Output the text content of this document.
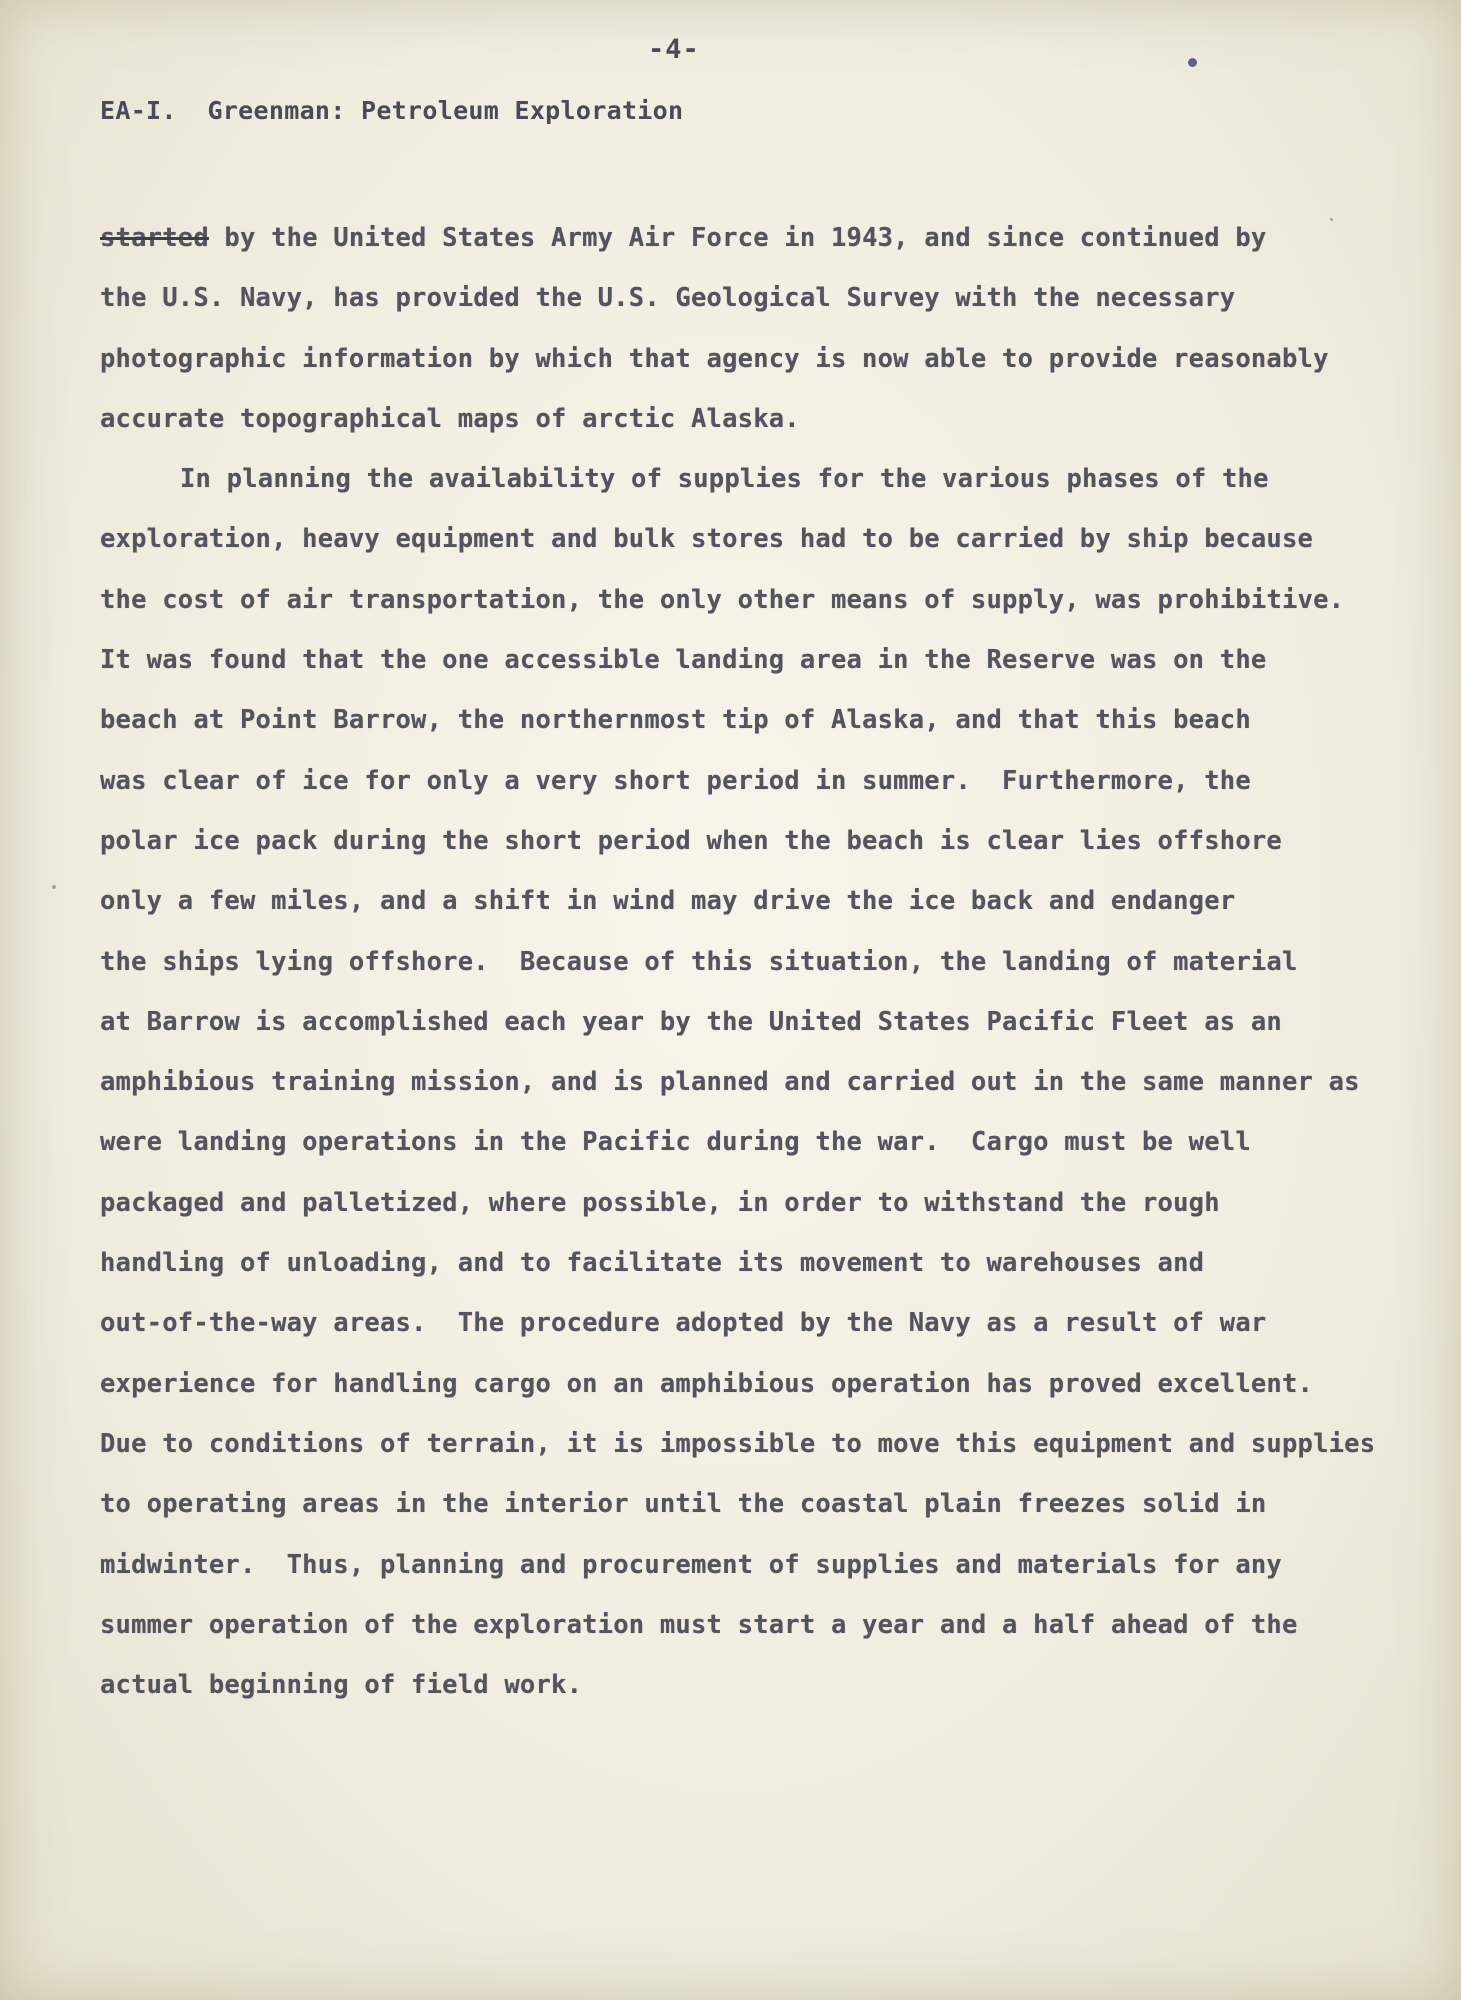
-4-
EA-I.  Greenman: Petroleum Exploration
started by the United States Army Air Force in 1943, and since continued by
the U.S. Navy, has provided the U.S. Geological Survey with the necessary
photographic information by which that agency is now able to provide reasonably
accurate topographical maps of arctic Alaska.
In planning the availability of supplies for the various phases of the
exploration, heavy equipment and bulk stores had to be carried by ship because
the cost of air transportation, the only other means of supply, was prohibitive.
It was found that the one accessible landing area in the Reserve was on the
beach at Point Barrow, the northernmost tip of Alaska, and that this beach
was clear of ice for only a very short period in summer.  Furthermore, the
polar ice pack during the short period when the beach is clear lies offshore
only a few miles, and a shift in wind may drive the ice back and endanger
the ships lying offshore.  Because of this situation, the landing of material
at Barrow is accomplished each year by the United States Pacific Fleet as an
amphibious training mission, and is planned and carried out in the same manner as
were landing operations in the Pacific during the war.  Cargo must be well
packaged and palletized, where possible, in order to withstand the rough
handling of unloading, and to facilitate its movement to warehouses and
out-of-the-way areas.  The procedure adopted by the Navy as a result of war
experience for handling cargo on an amphibious operation has proved excellent.
Due to conditions of terrain, it is impossible to move this equipment and supplies
to operating areas in the interior until the coastal plain freezes solid in
midwinter.  Thus, planning and procurement of supplies and materials for any
summer operation of the exploration must start a year and a half ahead of the
actual beginning of field work.
